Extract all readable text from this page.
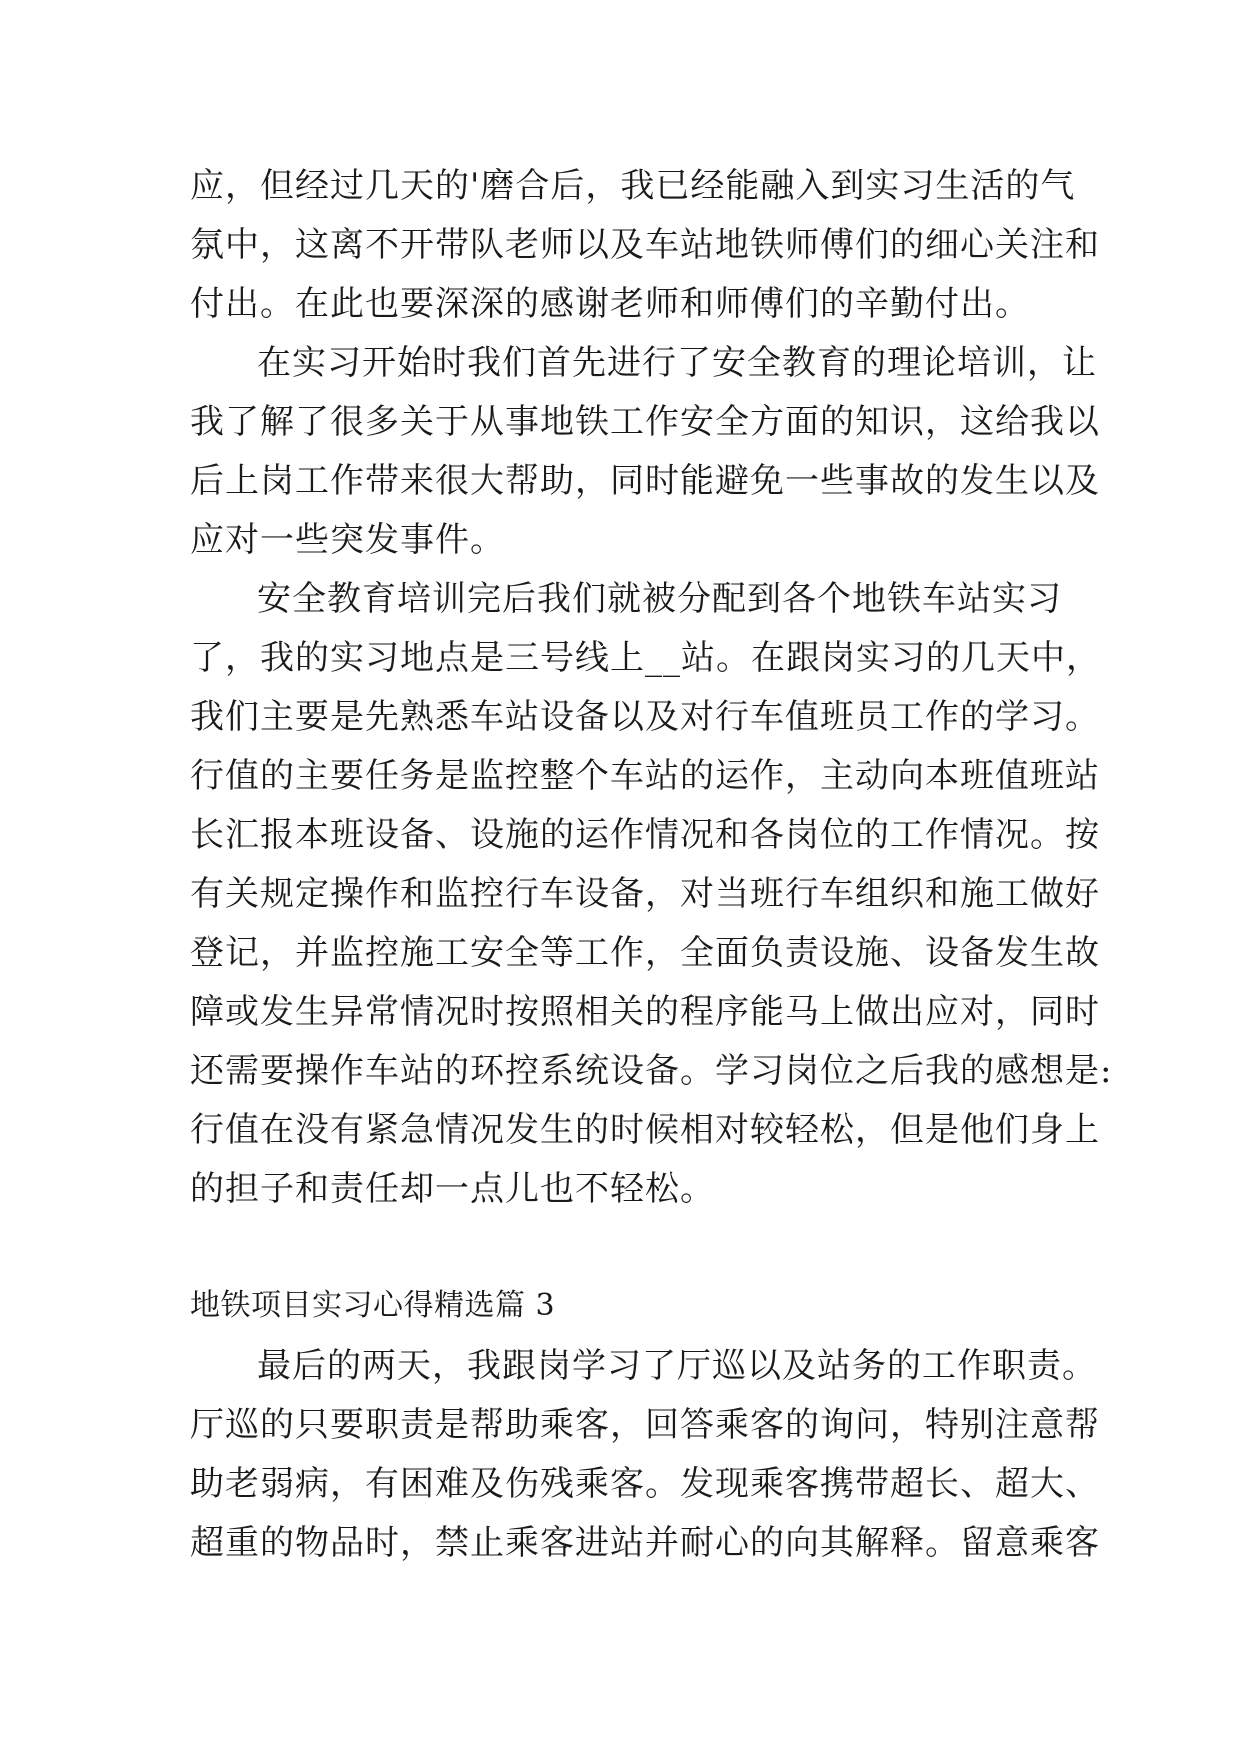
应，但经过几天的'磨合后，我已经能融入到实习生活的气
氛中，这离不开带队老师以及车站地铁师傅们的细心关注和
付出。在此也要深深的感谢老师和师傅们的辛勤付出。
在实习开始时我们首先进行了安全教育的理论培训，让
我了解了很多关于从事地铁工作安全方面的知识，这给我以
后上岗工作带来很大帮助，同时能避免一些事故的发生以及
应对一些突发事件。
安全教育培训完后我们就被分配到各个地铁车站实习
了，我的实习地点是三号线上__站。在跟岗实习的几天中，
我们主要是先熟悉车站设备以及对行车值班员工作的学习。
行值的主要任务是监控整个车站的运作，主动向本班值班站
长汇报本班设备、设施的运作情况和各岗位的工作情况。按
有关规定操作和监控行车设备，对当班行车组织和施工做好
登记，并监控施工安全等工作，全面负责设施、设备发生故
障或发生异常情况时按照相关的程序能马上做出应对，同时
还需要操作车站的环控系统设备。学习岗位之后我的感想是:
行值在没有紧急情况发生的时候相对较轻松，但是他们身上
的担子和责任却一点儿也不轻松。
地铁项目实习心得精选篇 3
最后的两天，我跟岗学习了厅巡以及站务的工作职责。
厅巡的只要职责是帮助乘客，回答乘客的询问，特别注意帮
助老弱病，有困难及伤残乘客。发现乘客携带超长、超大、
超重的物品时，禁止乘客进站并耐心的向其解释。留意乘客
